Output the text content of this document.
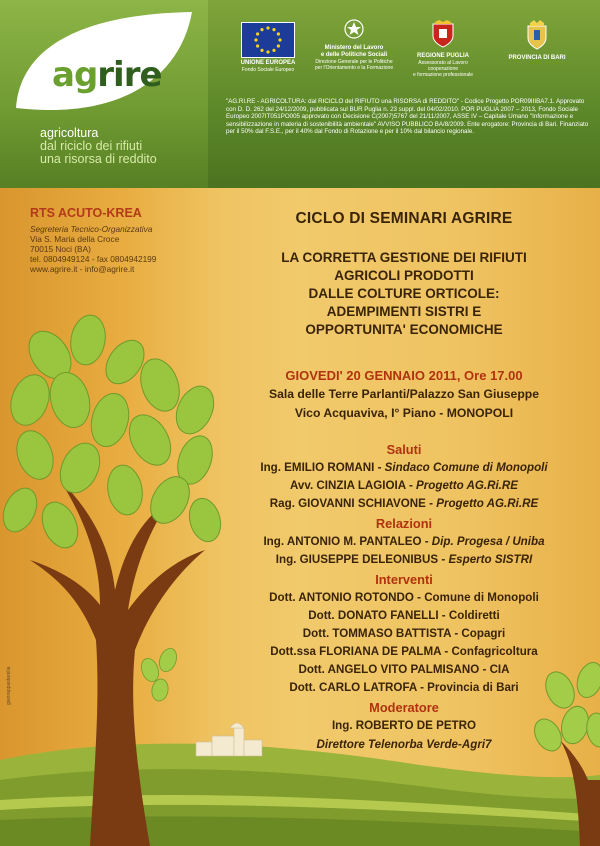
agrire
agricoltura
dal riciclo dei rifiuti
una risorsa di reddito
UNIONE EUROPEA
Fondo Sociale Europeo
Ministero del Lavoro
e delle Politiche Sociali
Direzione Generale per le Politiche
per l'Orientamento e la Formazione
REGIONE PUGLIA
Assessorato al Lavoro cooperazione
e formazione professionale
PROVINCIA DI BARI
"AG.RI.RE - AGRICOLTURA: dal RICICLO del RIFIUTO una RISORSA di REDDITO" - Codice Progetto POR09IIIBA7.1. Approvato con D. D. 262 del 24/12/2009, pubblicata sul BUR Puglia n. 23 suppl. del 04/02/2010. POR PUGLIA 2007 – 2013, Fondo Sociale Europeo 2007IT051PO005 approvato con Decisione C(2007)5767 del 21/11/2007, ASSE IV – Capitale Umano "Informazione e sensibilizzazione in materia di sostenibilità ambientale" AVVISO PUBBLICO BA/8/2009. Ente erogatore: Provincia di Bari. Finanziato per il 50% dal F.S.E., per il 40% dal Fondo di Rotazione e per il 10% dal bilancio regionale.
RTS ACUTO-KREA
Segreteria Tecnico-Organizzativa
Via S. Maria della Croce
70015 Noci (BA)
tel. 0804949124 - fax 0804942199
www.agrire.it - info@agrire.it
CICLO DI SEMINARI AGRIRE
LA CORRETTA GESTIONE DEI RIFIUTI
AGRICOLI PRODOTTI
DALLE COLTURE ORTICOLE:
ADEMPIMENTI SISTRI E
OPPORTUNITA' ECONOMICHE
GIOVEDI' 20 GENNAIO 2011, Ore 17.00
Sala delle Terre Parlanti/Palazzo San Giuseppe
Vico Acquaviva, I° Piano - MONOPOLI
Saluti
Ing. EMILIO ROMANI - Sindaco Comune di Monopoli
Avv. CINZIA LAGIOIA - Progetto AG.Ri.RE
Rag. GIOVANNI SCHIAVONE - Progetto AG.Ri.RE
Relazioni
Ing. ANTONIO M. PANTALEO - Dip. Progesa / Uniba
Ing. GIUSEPPE DELEONIBUS - Esperto SISTRI
Interventi
Dott. ANTONIO ROTONDO - Comune di Monopoli
Dott. DONATO FANELLI - Coldiretti
Dott. TOMMASO BATTISTA - Copagri
Dott.ssa FLORIANA DE PALMA - Confagricoltura
Dott. ANGELO VITO PALMISANO - CIA
Dott. CARLO LATROFA - Provincia di Bari
Moderatore
Ing. ROBERTO DE PETRO
Direttore Telenorba Verde-Agri7
gianrappastarelia
